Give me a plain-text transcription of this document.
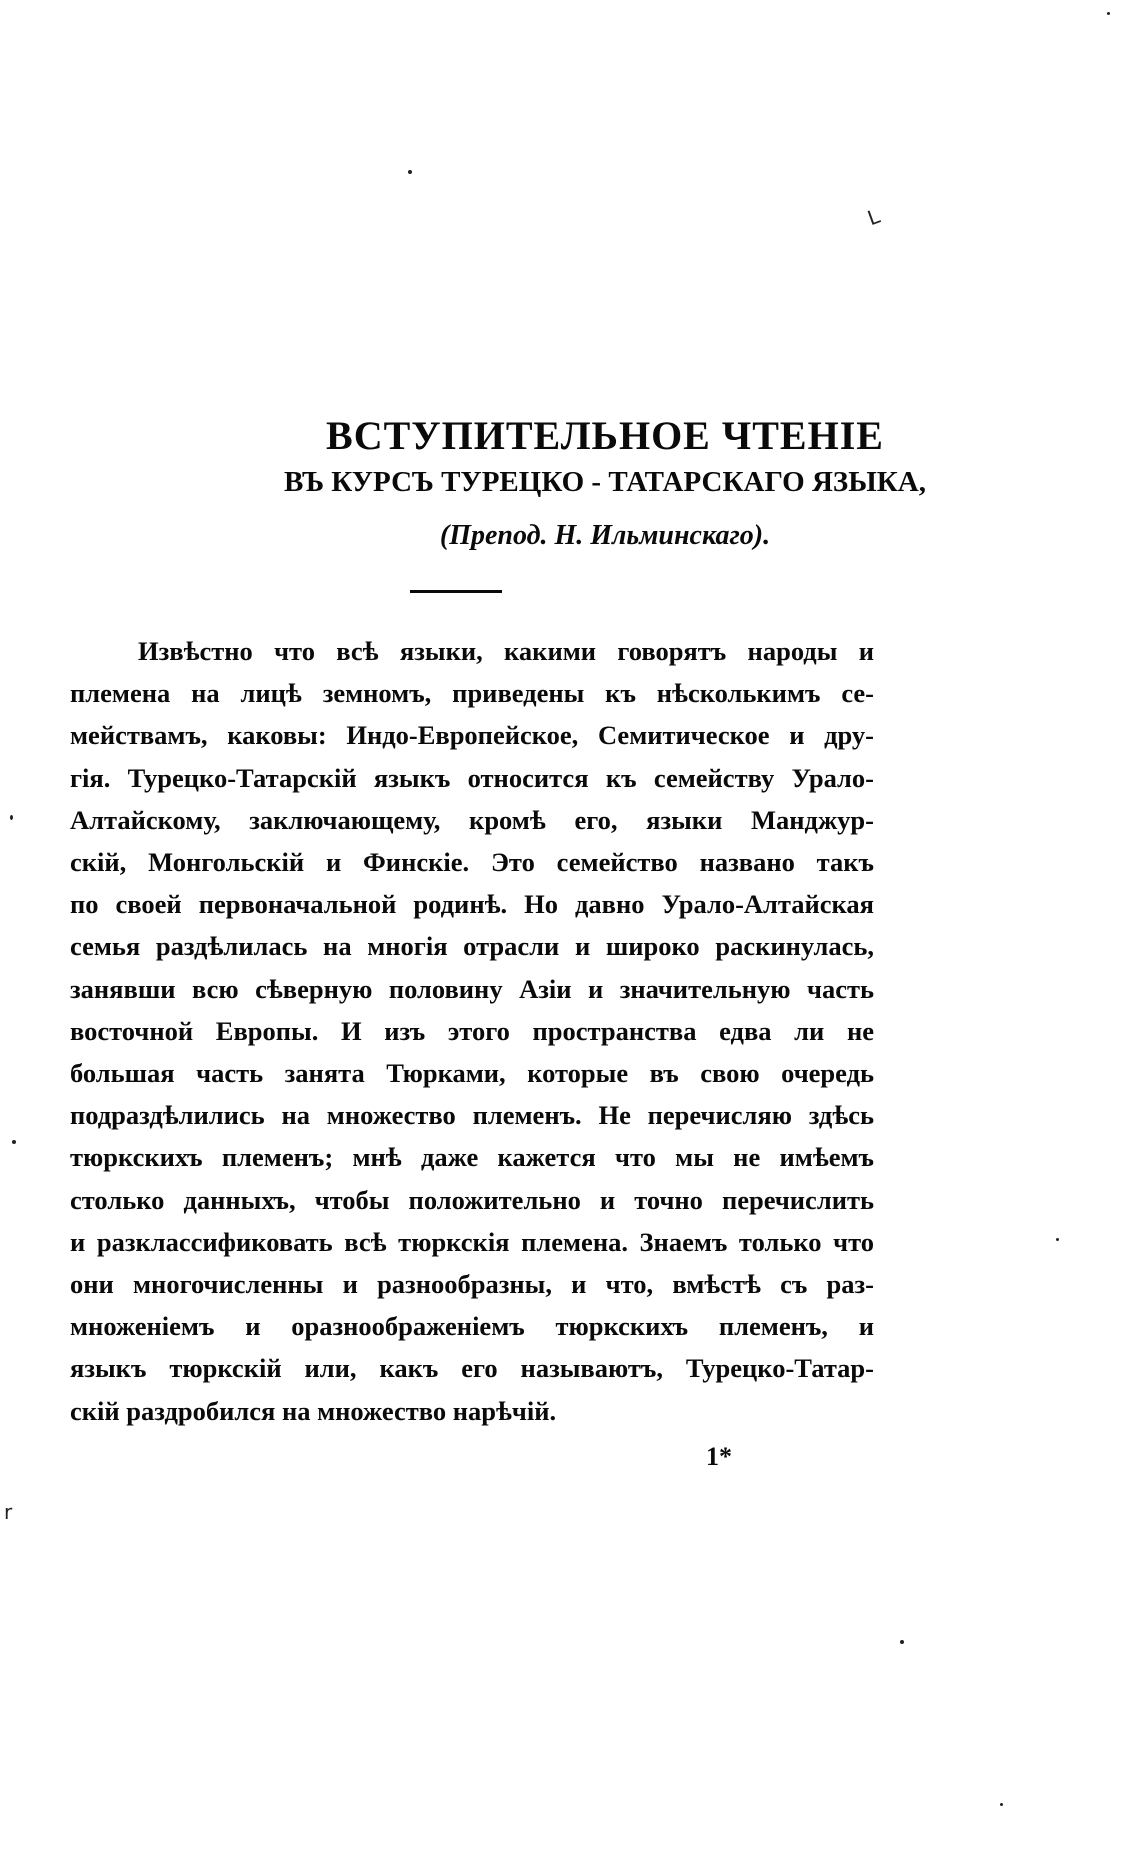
ВСТУПИТЕЛЬНОЕ ЧТЕНІЕ
ВЪ КУРСЪ ТУРЕЦКО - ТАТАРСКАГО ЯЗЫКА,
(Препод. Н. Ильминскаго).
Извѣстно что всѣ языки, какими говорятъ народы и
племена на лицѣ земномъ, приведены къ нѣсколькимъ се-
мействамъ, каковы: Индо-Европейское, Семитическое и дру-
гія. Турецко-Татарскій языкъ относится къ семейству Урало-
Алтайскому, заключающему, кромѣ его, языки Манджур-
скій, Монгольскій и Финскіе. Это семейство названо такъ
по своей первоначальной родинѣ. Но давно Урало-Алтайская
семья раздѣлилась на многія отрасли и широко раскинулась,
занявши всю сѣверную половину Азіи и значительную часть
восточной Европы. И изъ этого пространства едва ли не
большая часть занята Тюрками, которые въ свою очередь
подраздѣлились на множество племенъ. Не перечисляю здѣсь
тюркскихъ племенъ; мнѣ даже кажется что мы не имѣемъ
столько данныхъ, чтобы положительно и точно перечислить
и разклассификовать всѣ тюркскія племена. Знаемъ только что
они многочисленны и разнообразны, и что, вмѣстѣ съ раз-
множеніемъ и оразноображеніемъ тюркскихъ племенъ, и
языкъ тюркскій или, какъ его называютъ, Турецко-Татар-
скій раздробился на множество нарѣчій.
1*
L
r
